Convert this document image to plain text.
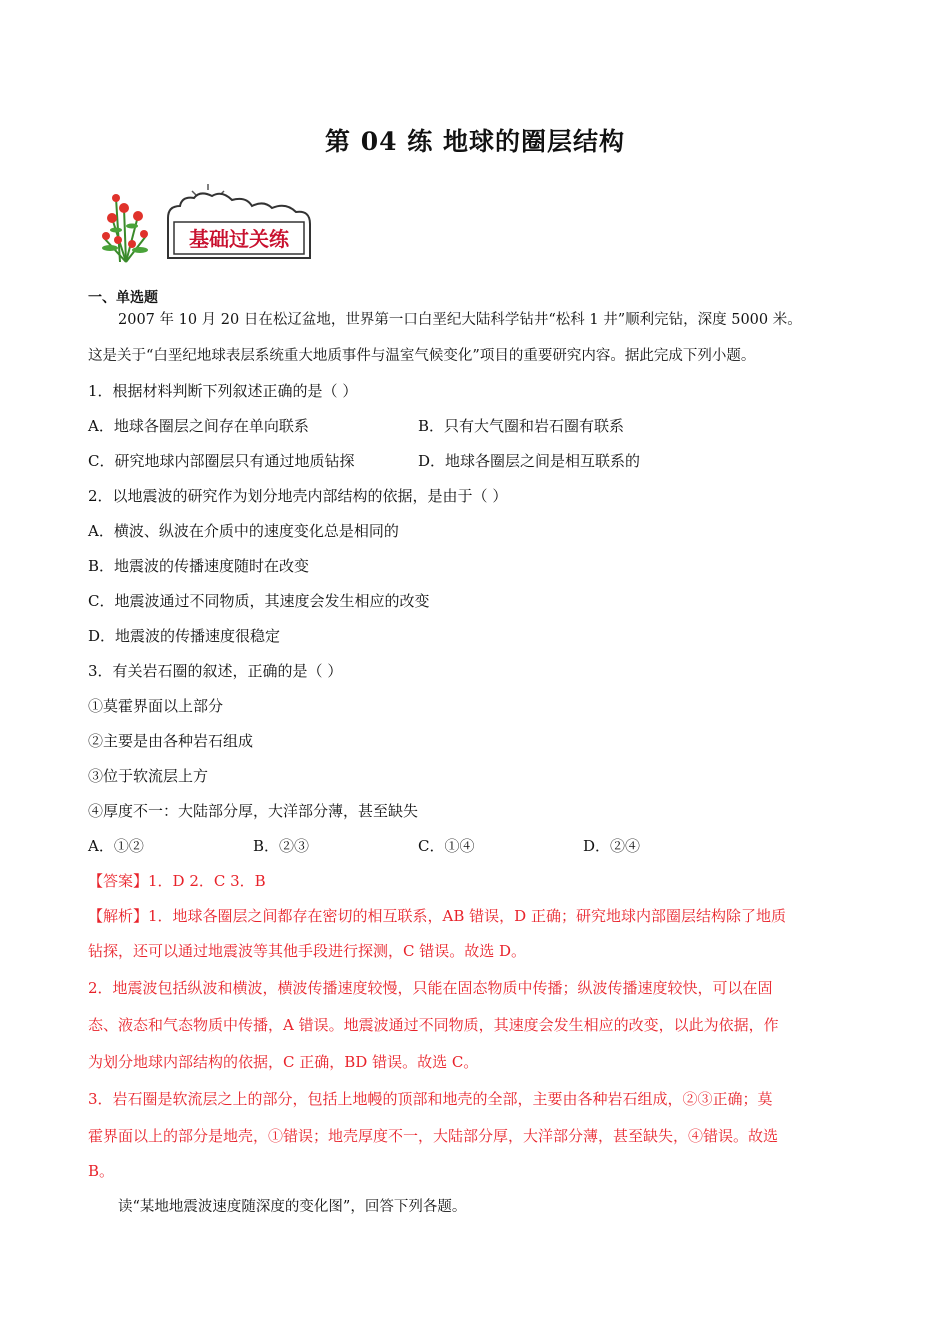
第 04 练 地球的圈层结构
基础过关练
一、单选题
2007 年 10 月 20 日在松辽盆地，世界第一口白垩纪大陆科学钻井“松科 1 井”顺利完钻，深度 5000 米。
这是关于“白垩纪地球表层系统重大地质事件与温室气候变化”项目的重要研究内容。据此完成下列小题。
1．根据材料判断下列叙述正确的是（ ）
A．地球各圈层之间存在单向联系	B．只有大气圈和岩石圈有联系
C．研究地球内部圈层只有通过地质钻探	D．地球各圈层之间是相互联系的
2．以地震波的研究作为划分地壳内部结构的依据，是由于（ ）
A．横波、纵波在介质中的速度变化总是相同的
B．地震波的传播速度随时在改变
C．地震波通过不同物质，其速度会发生相应的改变
D．地震波的传播速度很稳定
3．有关岩石圈的叙述，正确的是（ ）
①莫霍界面以上部分
②主要是由各种岩石组成
③位于软流层上方
④厚度不一：大陆部分厚，大洋部分薄，甚至缺失
A．①②	B．②③	C．①④	D．②④
【答案】1．D 2．C 3．B
【解析】1．地球各圈层之间都存在密切的相互联系，AB 错误，D 正确；研究地球内部圈层结构除了地质
钻探，还可以通过地震波等其他手段进行探测，C 错误。故选 D。
2．地震波包括纵波和横波，横波传播速度较慢，只能在固态物质中传播；纵波传播速度较快，可以在固
态、液态和气态物质中传播，A 错误。地震波通过不同物质，其速度会发生相应的改变，以此为依据，作
为划分地球内部结构的依据，C 正确，BD 错误。故选 C。
3．岩石圈是软流层之上的部分，包括上地幔的顶部和地壳的全部，主要由各种岩石组成，②③正确；莫
霍界面以上的部分是地壳，①错误；地壳厚度不一，大陆部分厚，大洋部分薄，甚至缺失，④错误。故选
B。
读“某地地震波速度随深度的变化图”，回答下列各题。
